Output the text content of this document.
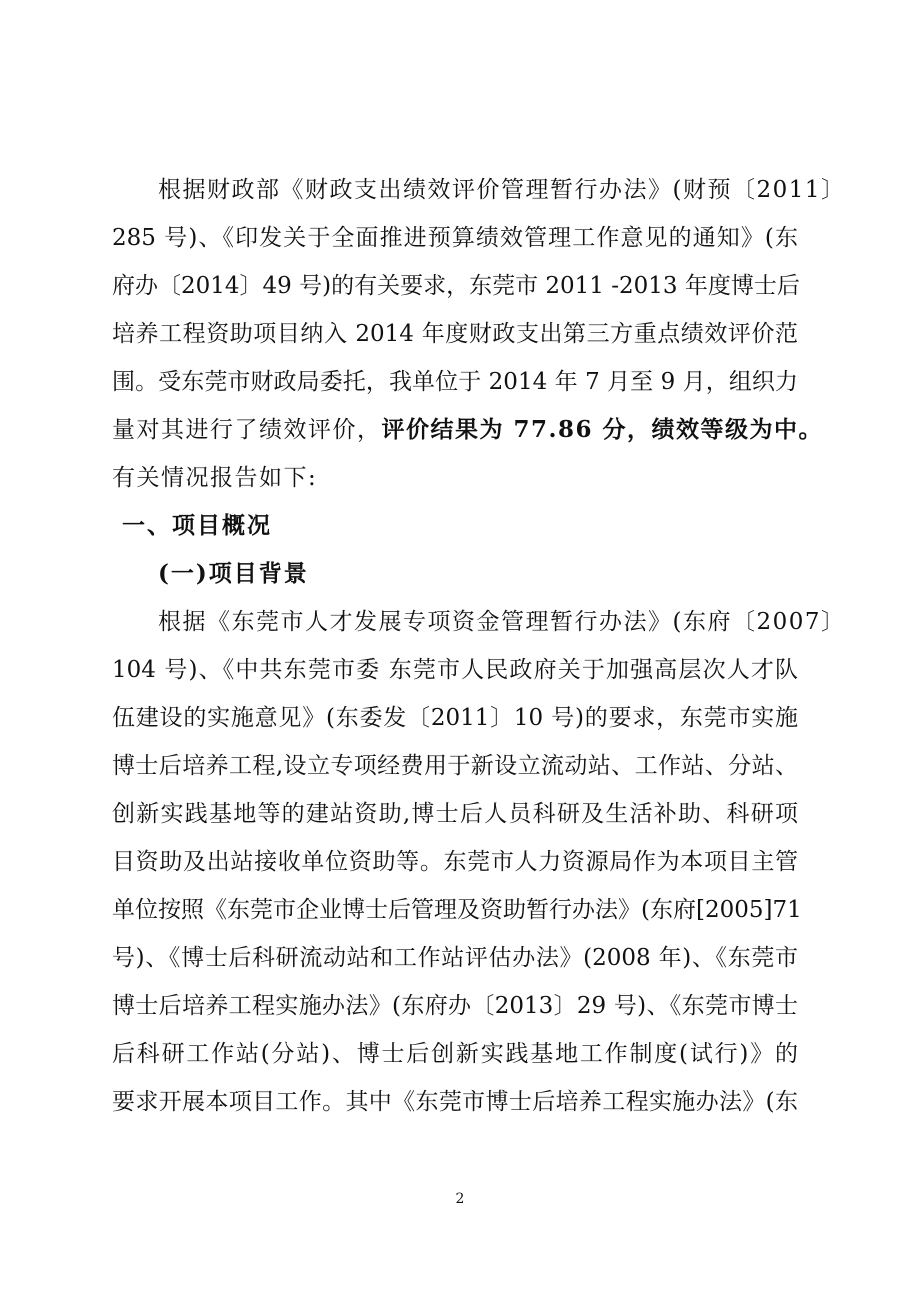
根据财政部《财政支出绩效评价管理暂行办法》(财预〔2011〕
285 号)、《印发关于全面推进预算绩效管理工作意见的通知》(东
府办〔2014〕49 号)的有关要求，东莞市 2011 -2013 年度博士后
培养工程资助项目纳入 2014 年度财政支出第三方重点绩效评价范
围。受东莞市财政局委托，我单位于 2014 年 7 月至 9 月，组织力
量对其进行了绩效评价，评价结果为 77.86 分，绩效等级为中。
有关情况报告如下:
一、项目概况
(一)项目背景
根据《东莞市人才发展专项资金管理暂行办法》(东府〔2007〕
104 号)、《中共东莞市委 东莞市人民政府关于加强高层次人才队
伍建设的实施意见》(东委发〔2011〕10 号)的要求，东莞市实施
博士后培养工程,设立专项经费用于新设立流动站、工作站、分站、
创新实践基地等的建站资助,博士后人员科研及生活补助、科研项
目资助及出站接收单位资助等。东莞市人力资源局作为本项目主管
单位按照《东莞市企业博士后管理及资助暂行办法》(东府[2005]71
号)、《博士后科研流动站和工作站评估办法》(2008 年)、《东莞市
博士后培养工程实施办法》(东府办〔2013〕29 号)、《东莞市博士
后科研工作站(分站)、博士后创新实践基地工作制度(试行)》的
要求开展本项目工作。其中《东莞市博士后培养工程实施办法》(东
2
